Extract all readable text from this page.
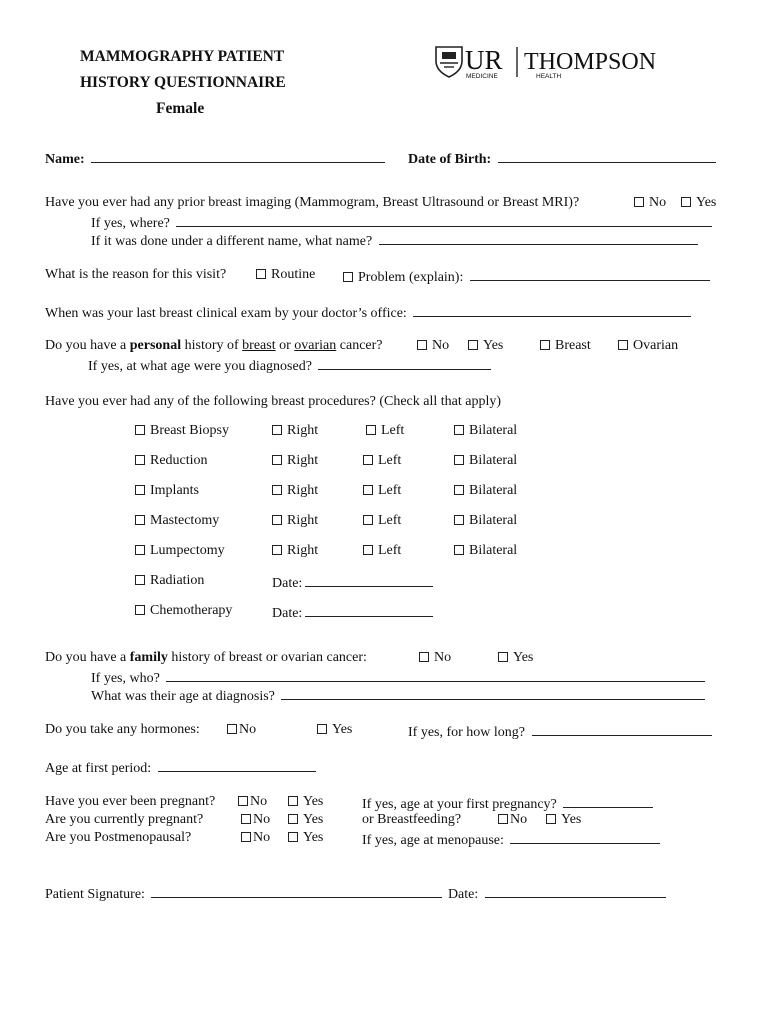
MAMMOGRAPHY PATIENT
HISTORY QUESTIONNAIRE
Female
UR
MEDICINE
THOMPSON
HEALTH
Name:	Date of Birth:
Have you ever had any prior breast imaging (Mammogram, Breast Ultrasound or Breast MRI)?	No	Yes
If yes, where?
If it was done under a different name, what name?
What is the reason for this visit?	Routine	Problem (explain):
When was your last breast clinical exam by your doctor’s office:
Do you have a personal history of breast or ovarian cancer?	No	Yes	Breast	Ovarian
If yes, at what age were you diagnosed?
Have you ever had any of the following breast procedures? (Check all that apply)
Breast Biopsy	Right	Left	Bilateral
Reduction	Right	Left	Bilateral
Implants	Right	Left	Bilateral
Mastectomy	Right	Left	Bilateral
Lumpectomy	Right	Left	Bilateral
Radiation	Date:
Chemotherapy	Date:
Do you have a family history of breast or ovarian cancer:	No	Yes
If yes, who?
What was their age at diagnosis?
Do you take any hormones:	No	Yes	If yes, for how long?
Age at first period:
Have you ever been pregnant?	No	Yes	If yes, age at your first pregnancy?
Are you currently pregnant?	No	Yes	or Breastfeeding?	No	Yes
Are you Postmenopausal?	No	Yes	If yes, age at menopause:
Patient Signature:	Date:
